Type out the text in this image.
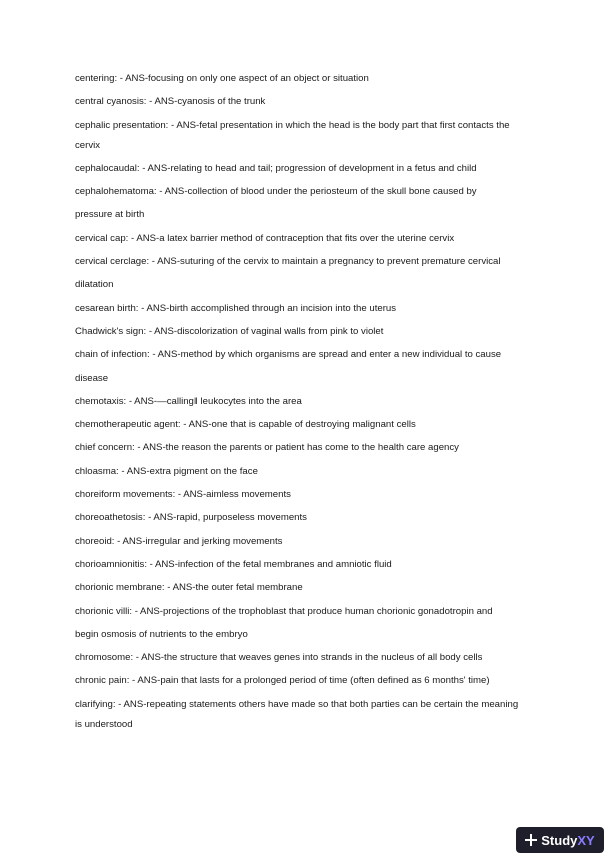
centering: - ANS-focusing on only one aspect of an object or situation
central cyanosis: - ANS-cyanosis of the trunk
cephalic presentation: - ANS-fetal presentation in which the head is the body part that first contacts the
cervix
cephalocaudal: - ANS-relating to head and tail; progression of development in a fetus and child
cephalohematoma: - ANS-collection of blood under the periosteum of the skull bone caused by
pressure at birth
cervical cap: - ANS-a latex barrier method of contraception that fits over the uterine cervix
cervical cerclage: - ANS-suturing of the cervix to maintain a pregnancy to prevent premature cervical
dilatation
cesarean birth: - ANS-birth accomplished through an incision into the uterus
Chadwick's sign: - ANS-discolorization of vaginal walls from pink to violet
chain of infection: - ANS-method by which organisms are spread and enter a new individual to cause
disease
chemotaxis: - ANS-―calling‖ leukocytes into the area
chemotherapeutic agent: - ANS-one that is capable of destroying malignant cells
chief concern: - ANS-the reason the parents or patient has come to the health care agency
chloasma: - ANS-extra pigment on the face
choreiform movements: - ANS-aimless movements
choreoathetosis: - ANS-rapid, purposeless movements
choreoid: - ANS-irregular and jerking movements
chorioamnionitis: - ANS-infection of the fetal membranes and amniotic fluid
chorionic membrane: - ANS-the outer fetal membrane
chorionic villi: - ANS-projections of the trophoblast that produce human chorionic gonadotropin and
begin osmosis of nutrients to the embryo
chromosome: - ANS-the structure that weaves genes into strands in the nucleus of all body cells
chronic pain: - ANS-pain that lasts for a prolonged period of time (often defined as 6 months' time)
clarifying: - ANS-repeating statements others have made so that both parties can be certain the meaning
is understood
StudyXY
